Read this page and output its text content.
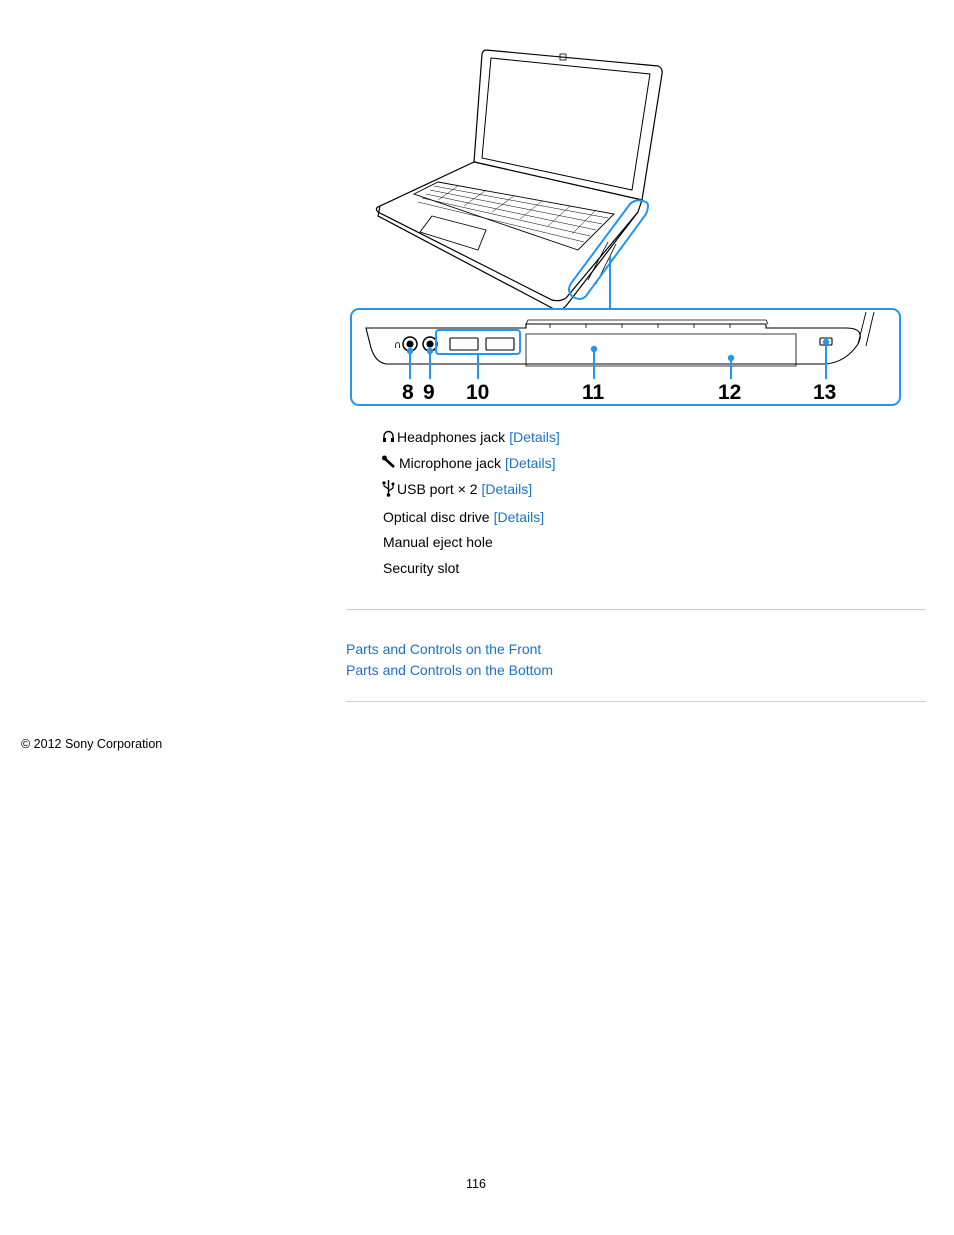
∩
8 9 10	11	12	13
Headphones jack [Details]
Microphone jack [Details]
USB port × 2 [Details]
Optical disc drive [Details]
Manual eject hole
Security slot
Parts and Controls on the Front
Parts and Controls on the Bottom
© 2012 Sony Corporation
116
